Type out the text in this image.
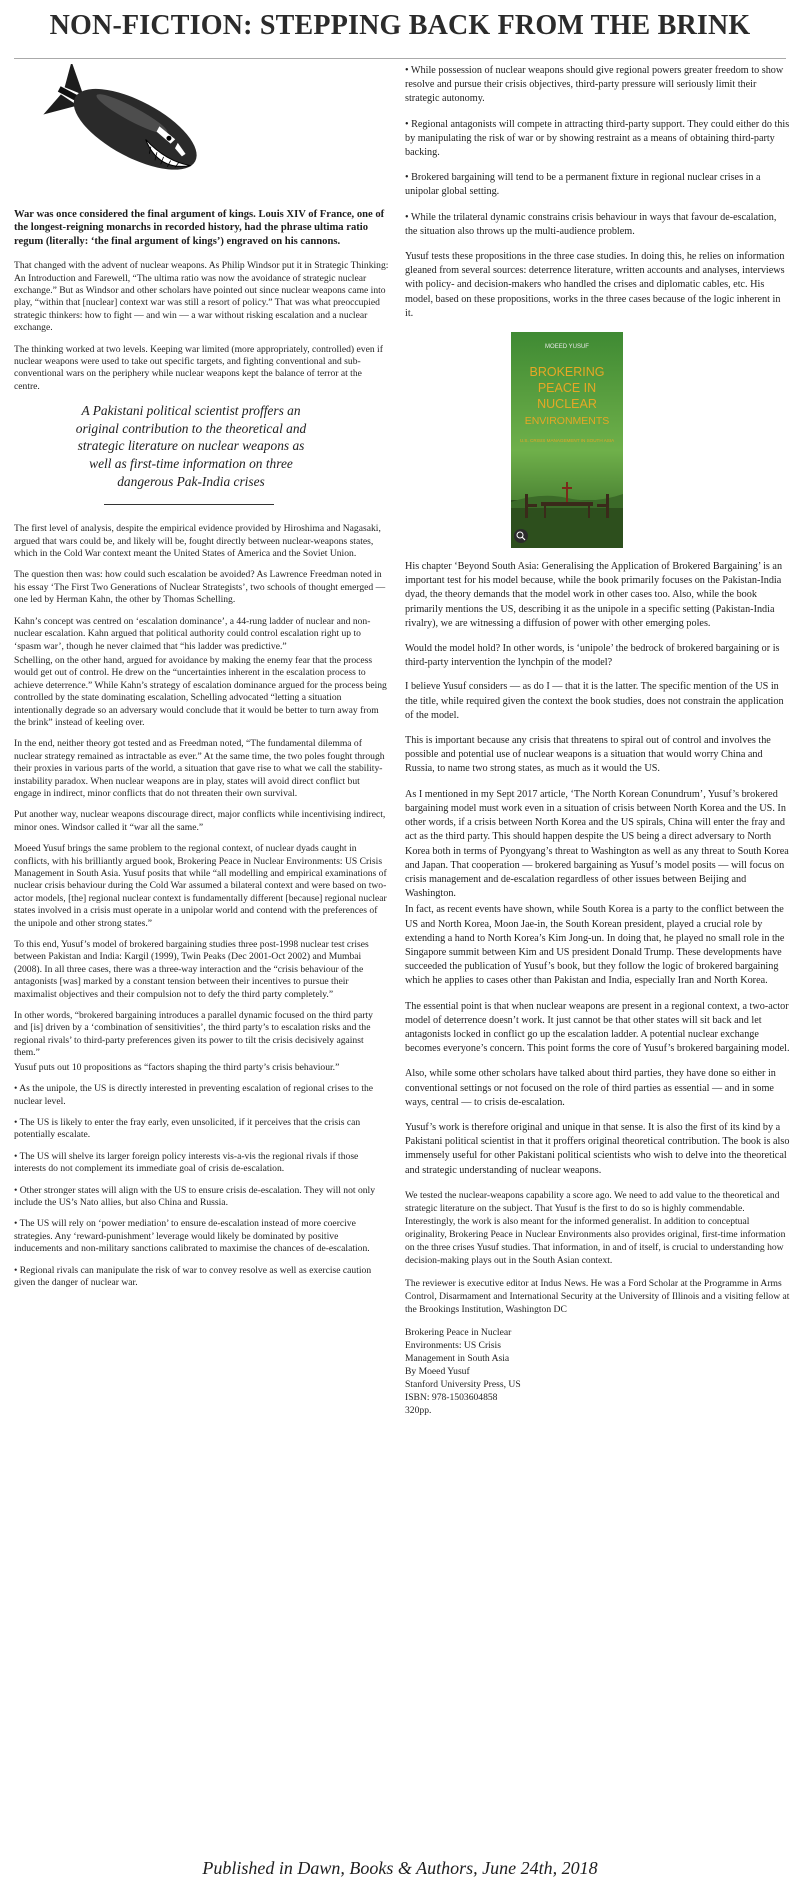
NON-FICTION: STEPPING BACK FROM THE BRINK

War was once considered the final argument of kings. Louis XIV of France, one of the longest-reigning monarchs in recorded history, had the phrase ultima ratio regum (literally: ‘the final argument of kings’) engraved on his cannons.

That changed with the advent of nuclear weapons. As Philip Windsor put it in Strategic Thinking: An Introduction and Farewell, “The ultima ratio was now the avoidance of strategic nuclear exchange.” But as Windsor and other scholars have pointed out since nuclear weapons came into play, “within that [nuclear] context war was still a resort of policy.” That was what preoccupied strategic thinkers: how to fight — and win — a war without risking escalation and a nuclear exchange.

The thinking worked at two levels. Keeping war limited (more appropriately, controlled) even if nuclear weapons were used to take out specific targets, and fighting conventional and sub-conventional wars on the periphery while nuclear weapons kept the balance of terror at the centre.

A Pakistani political scientist proffers an original contribution to the theoretical and strategic literature on nuclear weapons as well as first-time information on three dangerous Pak-India crises

The first level of analysis, despite the empirical evidence provided by Hiroshima and Nagasaki, argued that wars could be, and likely will be, fought directly between nuclear-weapons states, which in the Cold War context meant the United States of America and the Soviet Union.

The question then was: how could such escalation be avoided? As Lawrence Freedman noted in his essay ‘The First Two Generations of Nuclear Strategists’, two schools of thought emerged –– one led by Herman Kahn, the other by Thomas Schelling.

Kahn’s concept was centred on ‘escalation dominance’, a 44-rung ladder of nuclear and non-nuclear escalation. Kahn argued that political authority could control escalation right up to ‘spasm war’, though he never claimed that “his ladder was predictive.”

Schelling, on the other hand, argued for avoidance by making the enemy fear that the process would get out of control. He drew on the “uncertainties inherent in the escalation process to achieve deterrence.” While Kahn’s strategy of escalation dominance argued for the process being controlled by the state dominating escalation, Schelling advocated “letting a situation intentionally degrade so an adversary would conclude that it would be better to turn away from the brink” instead of keeling over.

In the end, neither theory got tested and as Freedman noted, “The fundamental dilemma of nuclear strategy remained as intractable as ever.” At the same time, the two poles fought through their proxies in various parts of the world, a situation that gave rise to what we call the stability-instability paradox. When nuclear weapons are in play, states will avoid direct conflict but engage in indirect, minor conflicts that do not threaten their own survival.

Put another way, nuclear weapons discourage direct, major conflicts while incentivising indirect, minor ones. Windsor called it “war all the same.”

Moeed Yusuf brings the same problem to the regional context, of nuclear dyads caught in conflicts, with his brilliantly argued book, Brokering Peace in Nuclear Environments: US Crisis Management in South Asia. Yusuf posits that while “all modelling and empirical examinations of nuclear crisis behaviour during the Cold War assumed a bilateral context and were based on two-actor models, [the] regional nuclear context is fundamentally different [because] regional nuclear states involved in a crisis must operate in a unipolar world and contend with the preferences of the unipole and other strong states.”

To this end, Yusuf’s model of brokered bargaining studies three post-1998 nuclear test crises between Pakistan and India: Kargil (1999), Twin Peaks (Dec 2001-Oct 2002) and Mumbai (2008). In all three cases, there was a three-way interaction and the “crisis behaviour of the antagonists [was] marked by a constant tension between their incentives to pursue their maximalist objectives and their compulsion not to defy the third party completely.”

In other words, “brokered bargaining introduces a parallel dynamic focused on the third party and [is] driven by a ‘combination of sensitivities’, the third party’s to escalation risks and the regional rivals’ to third-party preferences given its power to tilt the crisis decisively against them.”

Yusuf puts out 10 propositions as “factors shaping the third party’s crisis behaviour.”

• As the unipole, the US is directly interested in preventing escalation of regional crises to the nuclear level.

• The US is likely to enter the fray early, even unsolicited, if it perceives that the crisis can potentially escalate.

• The US will shelve its larger foreign policy interests vis-a-vis the regional rivals if those interests do not complement its immediate goal of crisis de-escalation.

• Other stronger states will align with the US to ensure crisis de-escalation. They will not only include the US’s Nato allies, but also China and Russia.

• The US will rely on ‘power mediation’ to ensure de-escalation instead of more coercive strategies. Any ‘reward-punishment’ leverage would likely be dominated by positive inducements and non-military sanctions calibrated to maximise the chances of de-escalation.

• Regional rivals can manipulate the risk of war to convey resolve as well as exercise caution given the danger of nuclear war.

• While possession of nuclear weapons should give regional powers greater freedom to show resolve and pursue their crisis objectives, third-party pressure will seriously limit their strategic autonomy.

• Regional antagonists will compete in attracting third-party support. They could either do this by manipulating the risk of war or by showing restraint as a means of obtaining third-party backing.

• Brokered bargaining will tend to be a permanent fixture in regional nuclear crises in a unipolar global setting.

• While the trilateral dynamic constrains crisis behaviour in ways that favour de-escalation, the situation also throws up the multi-audience problem.

Yusuf tests these propositions in the three case studies. In doing this, he relies on information gleaned from several sources: deterrence literature, written accounts and analyses, interviews with policy- and decision-makers who handled the crises and diplomatic cables, etc. His model, based on these propositions, works in the three cases because of the logic inherent in it.

MOEED YUSUF
BROKERING
PEACE IN
NUCLEAR
ENVIRONMENTS
U.S. CRISIS MANAGEMENT IN SOUTH ASIA

His chapter ‘Beyond South Asia: Generalising the Application of Brokered Bargaining’ is an important test for his model because, while the book primarily focuses on the Pakistan-India dyad, the theory demands that the model work in other cases too. Also, while the book primarily mentions the US, describing it as the unipole in a specific setting (Pakistan-India rivalry), we are witnessing a diffusion of power with other emerging poles.

Would the model hold? In other words, is ‘unipole’ the bedrock of brokered bargaining or is third-party intervention the lynchpin of the model?

I believe Yusuf considers — as do I — that it is the latter. The specific mention of the US in the title, while required given the context the book studies, does not constrain the application of the model.

This is important because any crisis that threatens to spiral out of control and involves the possible and potential use of nuclear weapons is a situation that would worry China and Russia, to name two strong states, as much as it would the US.

As I mentioned in my Sept 2017 article, ‘The North Korean Conundrum’, Yusuf’s brokered bargaining model must work even in a situation of crisis between North Korea and the US. In other words, if a crisis between North Korea and the US spirals, China will enter the fray and act as the third party. This should happen despite the US being a direct adversary to North Korea both in terms of Pyongyang’s threat to Washington as well as any threat to South Korea and Japan. That cooperation — brokered bargaining as Yusuf’s model posits — will focus on crisis management and de-escalation regardless of other issues between Beijing and Washington.

In fact, as recent events have shown, while South Korea is a party to the conflict between the US and North Korea, Moon Jae-in, the South Korean president, played a crucial role by extending a hand to North Korea’s Kim Jong-un. In doing that, he played no small role in the Singapore summit between Kim and US president Donald Trump. These developments have succeeded the publication of Yusuf’s book, but they follow the logic of brokered bargaining which he applies to cases other than Pakistan and India, especially Iran and North Korea.

The essential point is that when nuclear weapons are present in a regional context, a two-actor model of deterrence doesn’t work. It just cannot be that other states will sit back and let antagonists locked in conflict go up the escalation ladder. A potential nuclear exchange becomes everyone’s concern. This point forms the core of Yusuf’s brokered bargaining model.

Also, while some other scholars have talked about third parties, they have done so either in conventional settings or not focused on the role of third parties as essential — and in some ways, central — to crisis de-escalation.

Yusuf’s work is therefore original and unique in that sense. It is also the first of its kind by a Pakistani political scientist in that it proffers original theoretical contribution. The book is also immensely useful for other Pakistani political scientists who wish to delve into the theoretical and strategic understanding of nuclear weapons.

We tested the nuclear-weapons capability a score ago. We need to add value to the theoretical and strategic literature on the subject. That Yusuf is the first to do so is highly commendable. Interestingly, the work is also meant for the informed generalist. In addition to conceptual originality, Brokering Peace in Nuclear Environments also provides original, first-time information on the three crises Yusuf studies. That information, in and of itself, is crucial to understanding how decision-making plays out in the South Asian context.

The reviewer is executive editor at Indus News. He was a Ford Scholar at the Programme in Arms Control, Disarmament and International Security at the University of Illinois and a visiting fellow at the Brookings Institution, Washington DC

Brokering Peace in Nuclear
Environments: US Crisis
Management in South Asia
By Moeed Yusuf
Stanford University Press, US
ISBN: 978-1503604858
320pp.
Published in Dawn, Books & Authors, June 24th, 2018
